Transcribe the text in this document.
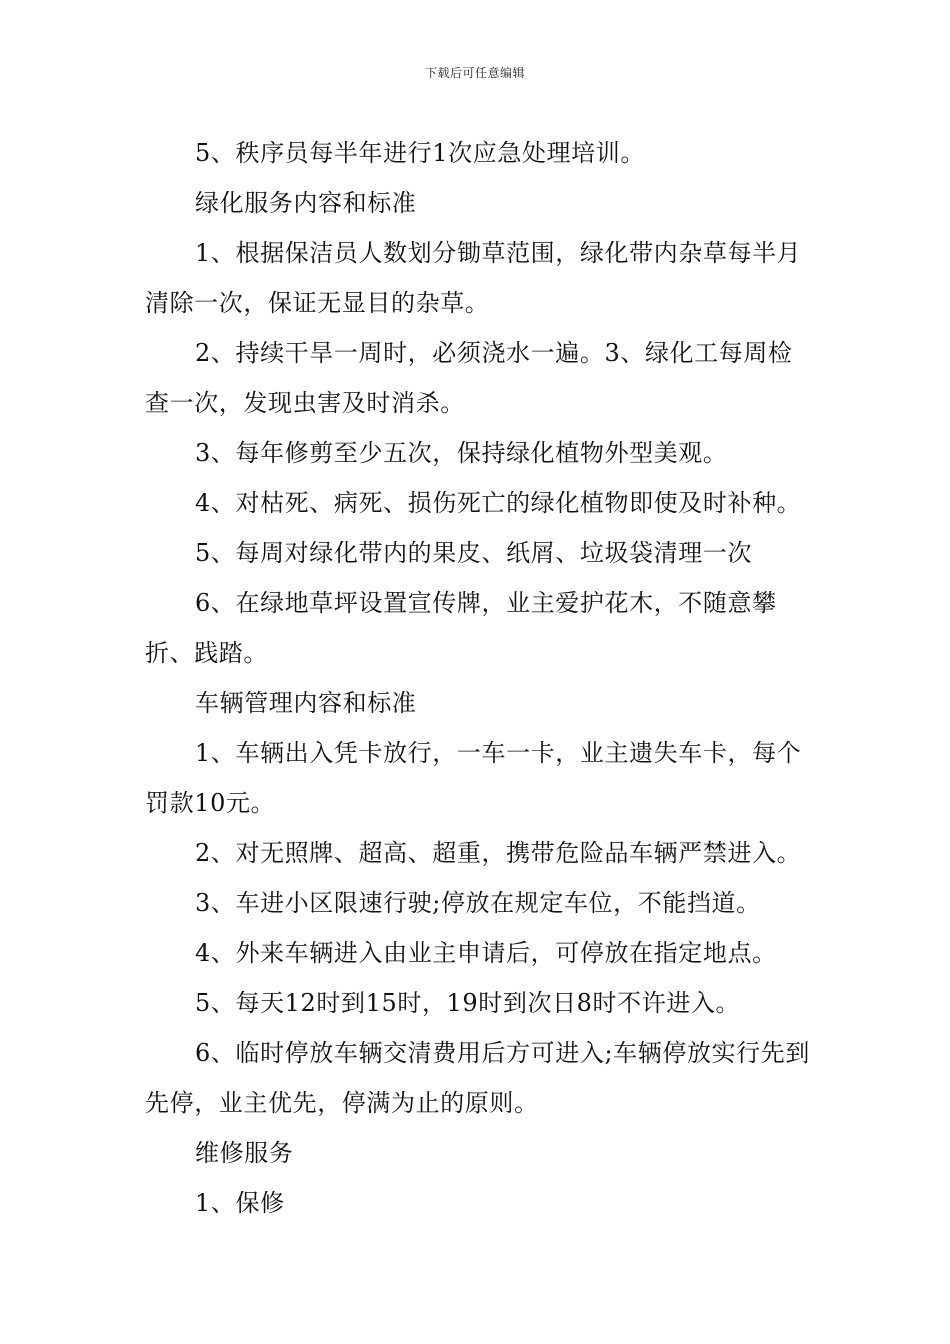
下载后可任意编辑

5、秩序员每半年进行1次应急处理培训。

绿化服务内容和标准

1、根据保洁员人数划分锄草范围，绿化带内杂草每半月清除一次，保证无显目的杂草。

2、持续干旱一周时，必须浇水一遍。3、绿化工每周检查一次，发现虫害及时消杀。

3、每年修剪至少五次，保持绿化植物外型美观。

4、对枯死、病死、损伤死亡的绿化植物即使及时补种。

5、每周对绿化带内的果皮、纸屑、垃圾袋清理一次

6、在绿地草坪设置宣传牌，业主爱护花木，不随意攀折、践踏。

车辆管理内容和标准

1、车辆出入凭卡放行，一车一卡，业主遗失车卡，每个罚款10元。

2、对无照牌、超高、超重，携带危险品车辆严禁进入。

3、车进小区限速行驶;停放在规定车位，不能挡道。

4、外来车辆进入由业主申请后，可停放在指定地点。

5、每天12时到15时，19时到次日8时不许进入。

6、临时停放车辆交清费用后方可进入;车辆停放实行先到先停，业主优先，停满为止的原则。

维修服务

1、保修
